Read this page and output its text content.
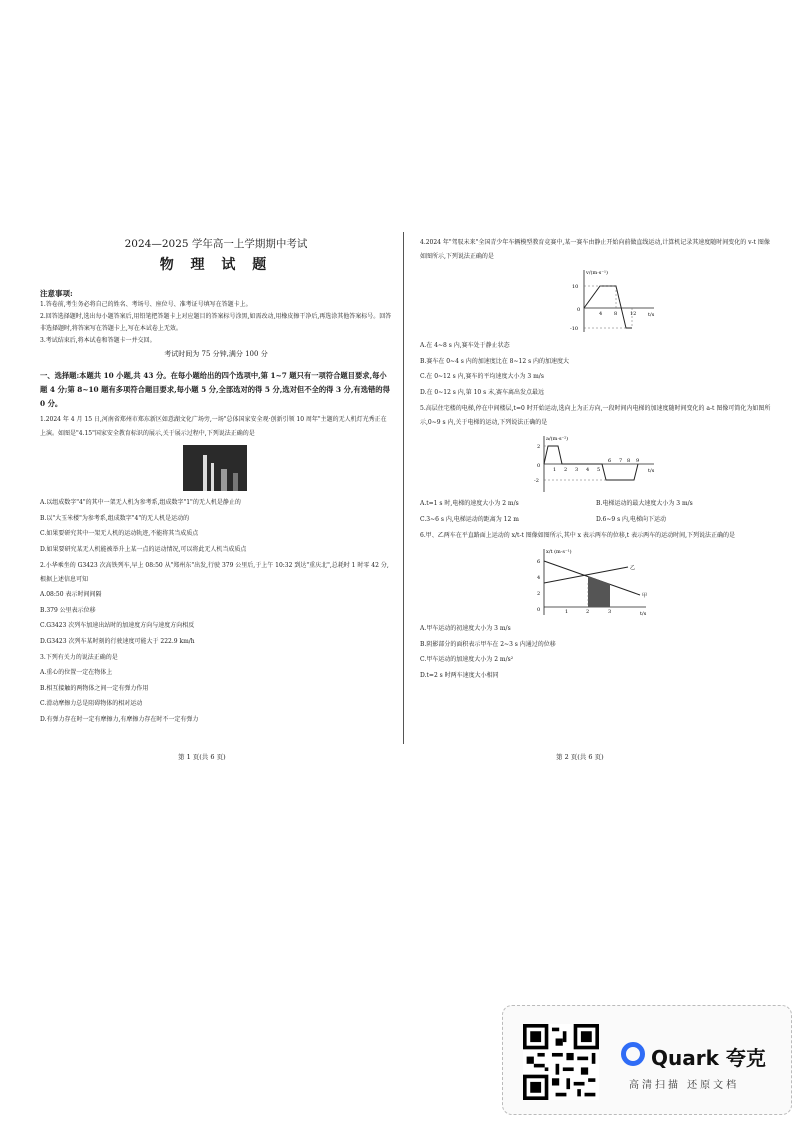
2024—2025 学年高一上学期期中考试
物 理 试 题
注意事项:

1.答卷前,考生务必将自己的姓名、考场号、座位号、准考证号填写在答题卡上。

2.回答选择题时,选出每小题答案后,用铅笔把答题卡上对应题目的答案标号涂黑,如需改动,用橡皮擦干净后,再选涂其他答案标号。回答非选择题时,将答案写在答题卡上,写在本试卷上无效。

3.考试结束后,将本试卷和答题卡一并交回。

考试时间为 75 分钟,满分 100 分
一、选择题:本题共 10 小题,共 43 分。在每小题给出的四个选项中,第 1~7 题只有一项符合题目要求,每小题 4 分;第 8~10 题有多项符合题目要求,每小题 5 分,全部选对的得 5 分,选对但不全的得 3 分,有选错的得 0 分。
1.2024 年 4 月 15 日,河南省郑州市郑东新区如意湖文化广场旁,一场"总体国家安全观·创新引领 10 周年"主题的无人机灯光秀正在上演。如图是"4.15"国家安全教育标识的展示,关于展示过程中,下列说法正确的是
A.以组成数字"4"的其中一架无人机为参考系,组成数字"1"的无人机是静止的
B.以"大玉米楼"为参考系,组成数字"4"的无人机是运动的
C.如果要研究其中一架无人机的运动轨迹,不能将其当成质点
D.如果要研究某无人机能被举升上某一点的运动情况,可以将此无人机当成质点
2.小华乘坐的 G3423 次高铁列车,早上 08:50 从"郑州东"出发,行驶 379 公里后,于上午 10:32 到达"重庆北",总耗时 1 时零 42 分,根据上述信息可知
A.08:50 表示时间间隔
B.379 公里表示位移
C.G3423 次列车加速出站时的加速度方向与速度方向相反
D.G3423 次列车某时刻的行驶速度可能大于 222.9 km/h
3.下列有关力的说法正确的是
A.重心的位置一定在物体上
B.相互接触的两物体之间一定有弹力作用
C.滑动摩擦力总是阻碍物体的相对运动
D.有弹力存在时一定有摩擦力,有摩擦力存在时不一定有弹力
4.2024 年"驾驭未来"全国青少年车辆模型教育竞赛中,某一赛车由静止开始向前做直线运动,计算机记录其速度随时间变化的 v-t 图像如图所示,下列说法正确的是
v/(m·s⁻¹)
t/s
10
0
-10
4 8	12
A.在 4~8 s 内,赛车处于静止状态
B.赛车在 0~4 s 内的加速度比在 8~12 s 内的加速度大
C.在 0~12 s 内,赛车的平均速度大小为 3 m/s
D.在 0~12 s 内,第 10 s 末,赛车离出发点最远
5.高层住宅楼的电梯,停在中间楼层,t=0 时开始运动,选向上为正方向,一段时间内电梯的加速度随时间变化的 a-t 图像可简化为如图所示,0~9 s 内,关于电梯的运动,下列说法正确的是
a/(m·s⁻²)
t/s
2
0
-2
1 2 3 4 5
6 7 8 9
A.t=1 s 时,电梯的速度大小为 2 m/s	B.电梯运动的最大速度大小为 3 m/s
C.3~6 s 内,电梯运动的距离为 12 m	D.6~9 s 内,电梯向下运动
6.甲、乙两车在平直路面上运动的 x/t-t 图像如图所示,其中 x 表示两车的位移,t 表示两车的运动时间,下列说法正确的是
x/t (m·s⁻¹)
t/s
6
4
2
0	1	2	3
乙
甲
A.甲车运动的初速度大小为 3 m/s
B.阴影部分的面积表示甲车在 2~3 s 内通过的位移
C.甲车运动的加速度大小为 2 m/s²
D.t=2 s 时两车速度大小相同
第 1 页(共 6 页)	第 2 页(共 6 页)
Quark 夸克
高清扫描 还原文档
